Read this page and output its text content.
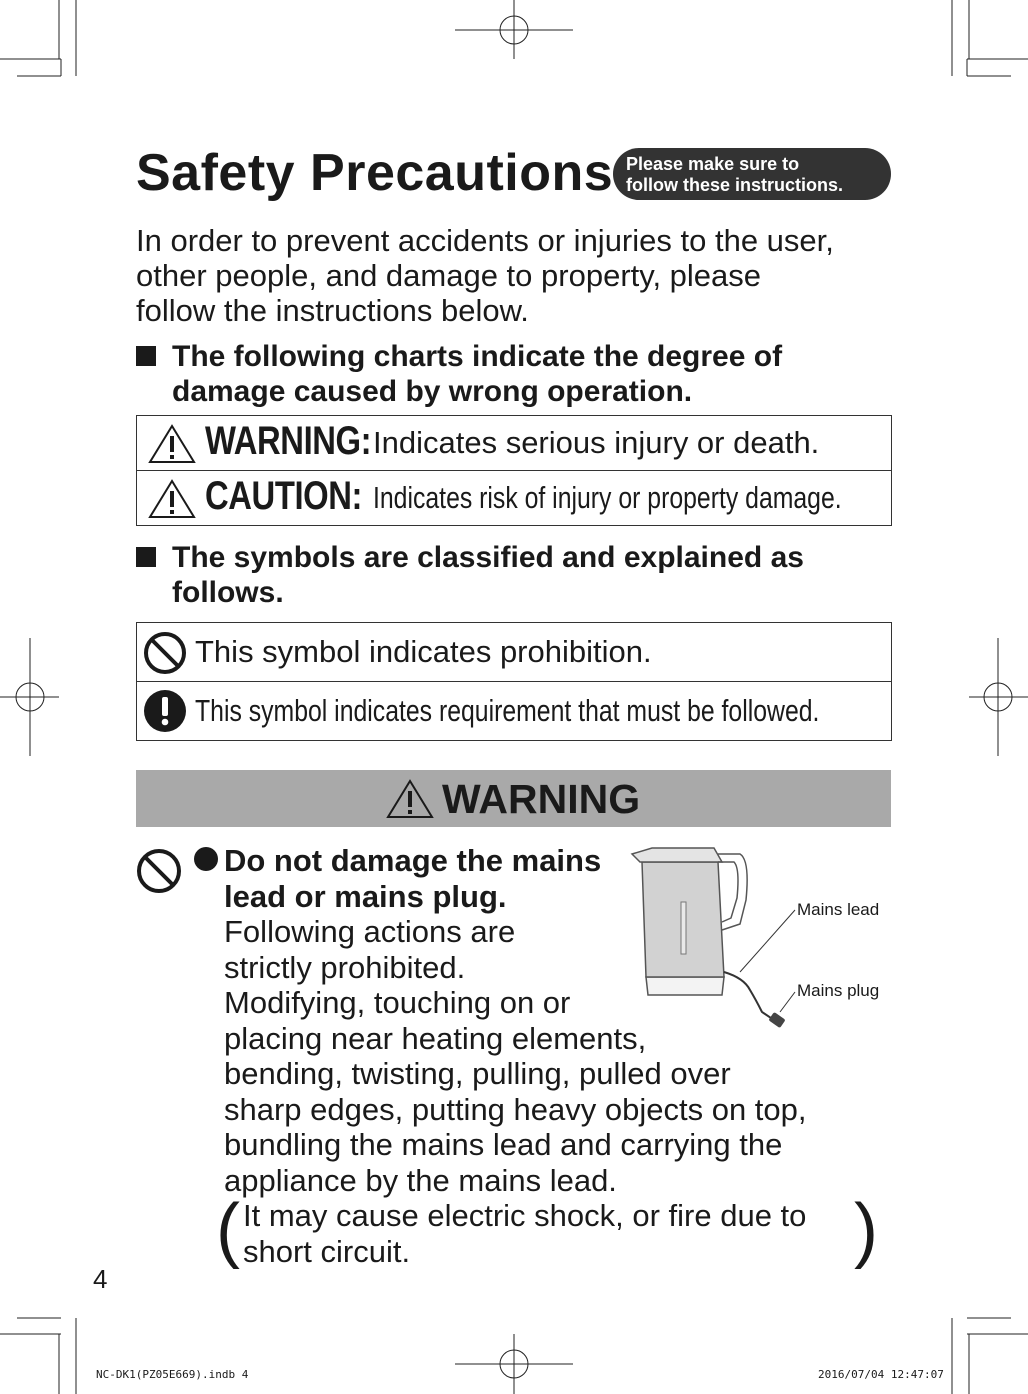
Safety Precautions Please make sure to
follow these instructions.

In order to prevent accidents or injuries to the user,

other people, and damage to property, please

follow the instructions below.

The following charts indicate the degree of
damage caused by wrong operation.
WARNING: Indicates serious injury or death.
CAUTION: Indicates risk of injury or property damage.
The symbols are classified and explained as
follows.
This symbol indicates prohibition.
This symbol indicates requirement that must be followed.
WARNING
Do not damage the mains
lead or mains plug.
Following actions are
strictly prohibited.
Modifying, touching on or
placing near heating elements,
bending, twisting, pulling, pulled over
sharp edges, putting heavy objects on top,
bundling the mains lead and carrying the
appliance by the mains lead.
( It may cause electric shock, or fire due to
short circuit.	)
Mains lead
Mains plug
4
NC-DK1(PZ05E669).indb 4	2016/07/04 12:47:07
